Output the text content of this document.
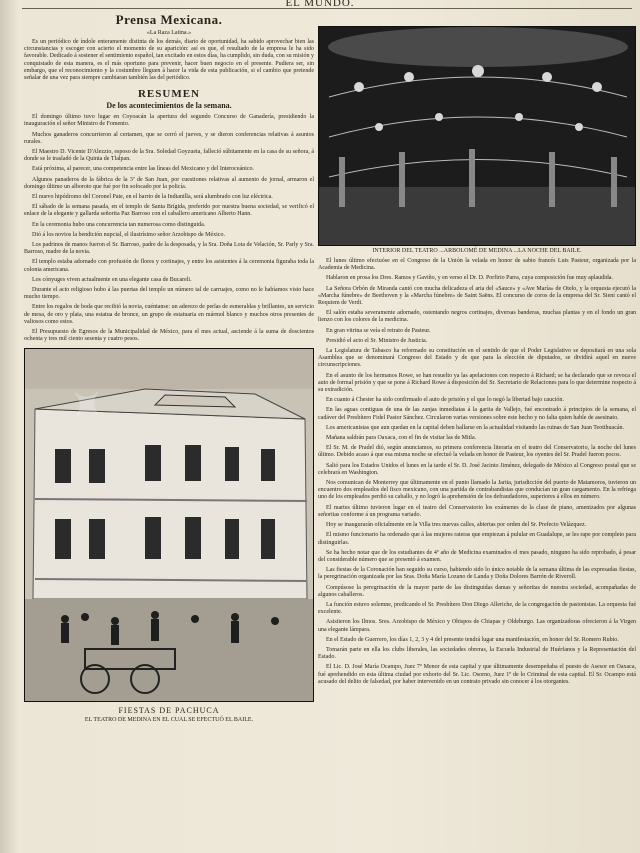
EL MUNDO.
Prensa Mexicana.
«La Raza Latina.»

Es un periódico de índole enteramente distinta de los demás, diario de oportunidad, ha sabido aprovechar bien las circunstancias y escoger con acierto el momento de su aparición: así es que, el resultado de la empresa le ha sido favorable. Dedicado á sostener el sentimiento español, tan excitado en estos días, ha cumplido, sin duda, con su misión y conquistado de esta manera, es el más oportuno para prevenir, hacer buen negocio en el presente. Pudiera ser, sin embargo, que el reconocimiento y la costumbre lleguen á hacer la vida de esta publicación, si el cambio que pretende señalar de una vez para siempre cambiaran también las del periódico.

RESUMEN
De los acontecimientos de la semana.

El domingo último tuvo lugar en Coyoacán la apertura del segundo Concurso de Ganadería, presidiendo la inauguración el señor Ministro de Fomento.

Muchos ganaderos concurrieron al certamen, que se cerró el jueves, y se dieron conferencias relativas á asuntos rurales.

El Maestro D. Vicente D'Alezzio, esposo de la Sra. Soledad Goyzueta, falleció súbitamente en la casa de su señora, á donde se le trasladó de la Quinta de Tlalpan.

Está próxima, al parecer, una competencia entre las líneas del Mexicano y del Interoceánico.

Algunos panaderos de la fábrica de la 3ª de San Juan, por cuestiones relativas al aumento de jornal, armaron el domingo último un alboroto que fué por fin sofocado por la policía.

El nuevo hipódromo del Coronel Pate, en el barrio de la Indianilla, será alumbrado con luz eléctrica.

El sábado de la semana pasada, en el templo de Santa Brígida, preferido por nuestra buena sociedad, se verificó el enlace de la elegante y gallarda señorita Paz Barroso con el caballero americano Alberto Hann.

En la ceremonia hubo una concurrencia tan numerosa como distinguida.

Dió á los novios la bendición nupcial, el ilustrísimo señor Arzobispo de México.

Los padrinos de manos fueron el Sr. Barroso, padre de la desposada, y la Sra. Doña Lota de Velación, Sr. Parly y Sra. Barroso, madre de la novia.

El templo estaba adornado con profusión de flores y cortinajes, y entre los asistentes á la ceremonia figuraba toda la colonia americana.

Los cónyuges viven actualmente en una elegante casa de Bucareli.

Durante el acto religioso hubo á las puertas del templo un número tal de carruajes, como no le habíamos visto hace mucho tiempo.

Entre los regalos de boda que recibió la novia, cuéntanse: un aderezo de perlas de esmeraldas y brillantes, un servicio de mesa, de oro y plata, una estatua de bronce, un grupo de estatuaria en mármol blanco y muchos otros presentes de valiosos como estos.

El Presupuesto de Egresos de la Municipalidad de México, para el mes actual, asciende á la suma de doscientos ochenta y tres mil ciento sesenta y cuatro pesos.

FIESTAS DE PACHUCA
EL TEATRO DE MEDINA EN EL CUAL SE EFECTUÓ EL BAILE.
INTERIOR DEL TEATRO ...ARBOLOMÉ DE MEDINA ...LA NOCHE DEL BAILE.

El lunes último efectuóse en el Congreso de la Unión la velada en honor de sabio francés Luis Pasteur, organizada por la Academia de Medicina.

Hablaron en prosa los Dres. Ramos y Gaviño, y en verso el Dr. D. Porfirio Parra, cuya composición fue muy aplaudida.

La Señora Orbón de Miranda cantó con mucha delicadeza el aria del «Sauce» y «Ave María» de Otelo, y la orquesta ejecutó la «Marcha fúnebre» de Beethoven y la «Marcha fúnebre» de Saint Saëns. El concurso de coros de la empresa del Sr. Sieni cantó el Requiem de Verdi.

El salón estaba severamente adornado, ostentando negros cortinajes, diversas banderas, muchas plantas y en el fondo un gran lienzo con los colores de la medicina.

En gran vitrina se veía el retrato de Pasteur.

Presidió el acto el Sr. Ministro de Justicia.

La Legislatura de Tabasco ha reformado su constitución en el sentido de que el Poder Legislativo se depositará en una sola Asamblea que se denominará Congreso del Estado y de que para la elección de diputados, se dividirá aquel en nueve circunscripciones.

En el asunto de los hermanos Rowe, se han resuelto ya las apelaciones con respecto á Richard; se ha declarado que se revoca el auto de formal prisión y que se pone á Richard Rowe á disposición del Sr. Secretario de Relaciones para lo que determine respecto á su extradición.

En cuanto á Chester ha sido confirmado el auto de prisión y el que lo negó la libertad bajo caución.

En las aguas contiguas de una de las zanjas inmediatas á la garita de Vallejo, fué encontrado á principios de la semana, el cadáver del Presbítero Fidel Pastor Sánchez. Circularon varias versiones sobre este hecho y no falta quien hable de asesinato.

Los americanistas que aun quedan en la capital deben hallarse en la actualidad visitando las ruinas de San Juan Teotihuacán.

Mañana saldrán para Oaxaca, con el fin de visitar las de Mitla.

El Sr. M. de Pradel dió, según anunciamos, su primera conferencia literaria en el teatro del Conservatorio, la noche del lunes último. Debido acaso á que esa misma noche se efectuó la velada en honor de Pasteur, los oyentes del Sr. Pradel fueron pocos.

Salió para los Estados Unidos el lunes en la tarde el Sr. D. José Jacinto Jiménez, delegado de México al Congreso postal que se celebrará en Washington.

Nos comunican de Monterrey que últimamente en el punto llamado la Jarita, jurisdicción del puerto de Matamoros, tuvieron un encuentro dos empleados del fisco mexicano, con una partida de contrabandistas que conducían un gran cargamento. En la refriega uno de los empleados perdió su caballo, y no logró la aprehensión de los defraudadores, superiores á ellos en número.

El martes último tuvieron lugar en el teatro del Conservatorio los exámenes de la clase de piano, amenizados por algunas señoritas conforme á un programa variado.

Hoy se inaugurarán oficialmente en la Villa tres nuevas calles, abiertas por orden del Sr. Prefecto Velázquez.

El mismo funcionario ha ordenado que á las mujeres rateras que empiezan á pulular en Guadalupe, se les rape por completo para distinguirlas.

Se ha hecho notar que de los estudiantes de 4º año de Medicina examinados el mes pasado, ninguno ha sido reprobado, á pesar del considerable número que se presentó á examen.

Las fiestas de la Coronación han seguido su curso, habiendo sido lo único notable de la semana última de las expresadas fiestas, la peregrinación organizada por las Sras. Doña María Lozano de Landa y Doña Dolores Barrón de Riveroll.

Compúsose la peregrinación de la mayor parte de las distinguidas damas y señoritas de nuestra sociedad, acompañadas de algunos caballeros.

La función estuvo solemne, predicando el Sr. Presbítero Don Diego Alleriche, de la congregación de pasionistas. La orquesta fué excelente.

Asistieron los Ilmos. Sres. Arzobispo de México y Obispos de Chiapas y Oldeburgo. Las organizadoras ofrecieron á la Virgen una elegante lámpara.

En el Estado de Guerrero, los días 1, 2, 3 y 4 del presente tendrá lugar una manifestación, en honor del Sr. Romero Rubio.

Tomarán parte en ella los clubs liberales, las sociedades obreras, la Escuela Industrial de Huérfanos y la Representación del Estado.

El Lic. D. José María Ocampo, Juez 7º Menor de esta capital y que últimamente desempeñaba el puesto de Asesor en Oaxaca, fué aprehendido en esta última ciudad por exhorto del Sr. Lic. Osorno, Juez 1º de lo Criminal de esta capital. El Sr. Ocampo está acusado del delito de falsedad, por haber intervenido en un contrato privado sin conocer á los otorgantes.

✦
